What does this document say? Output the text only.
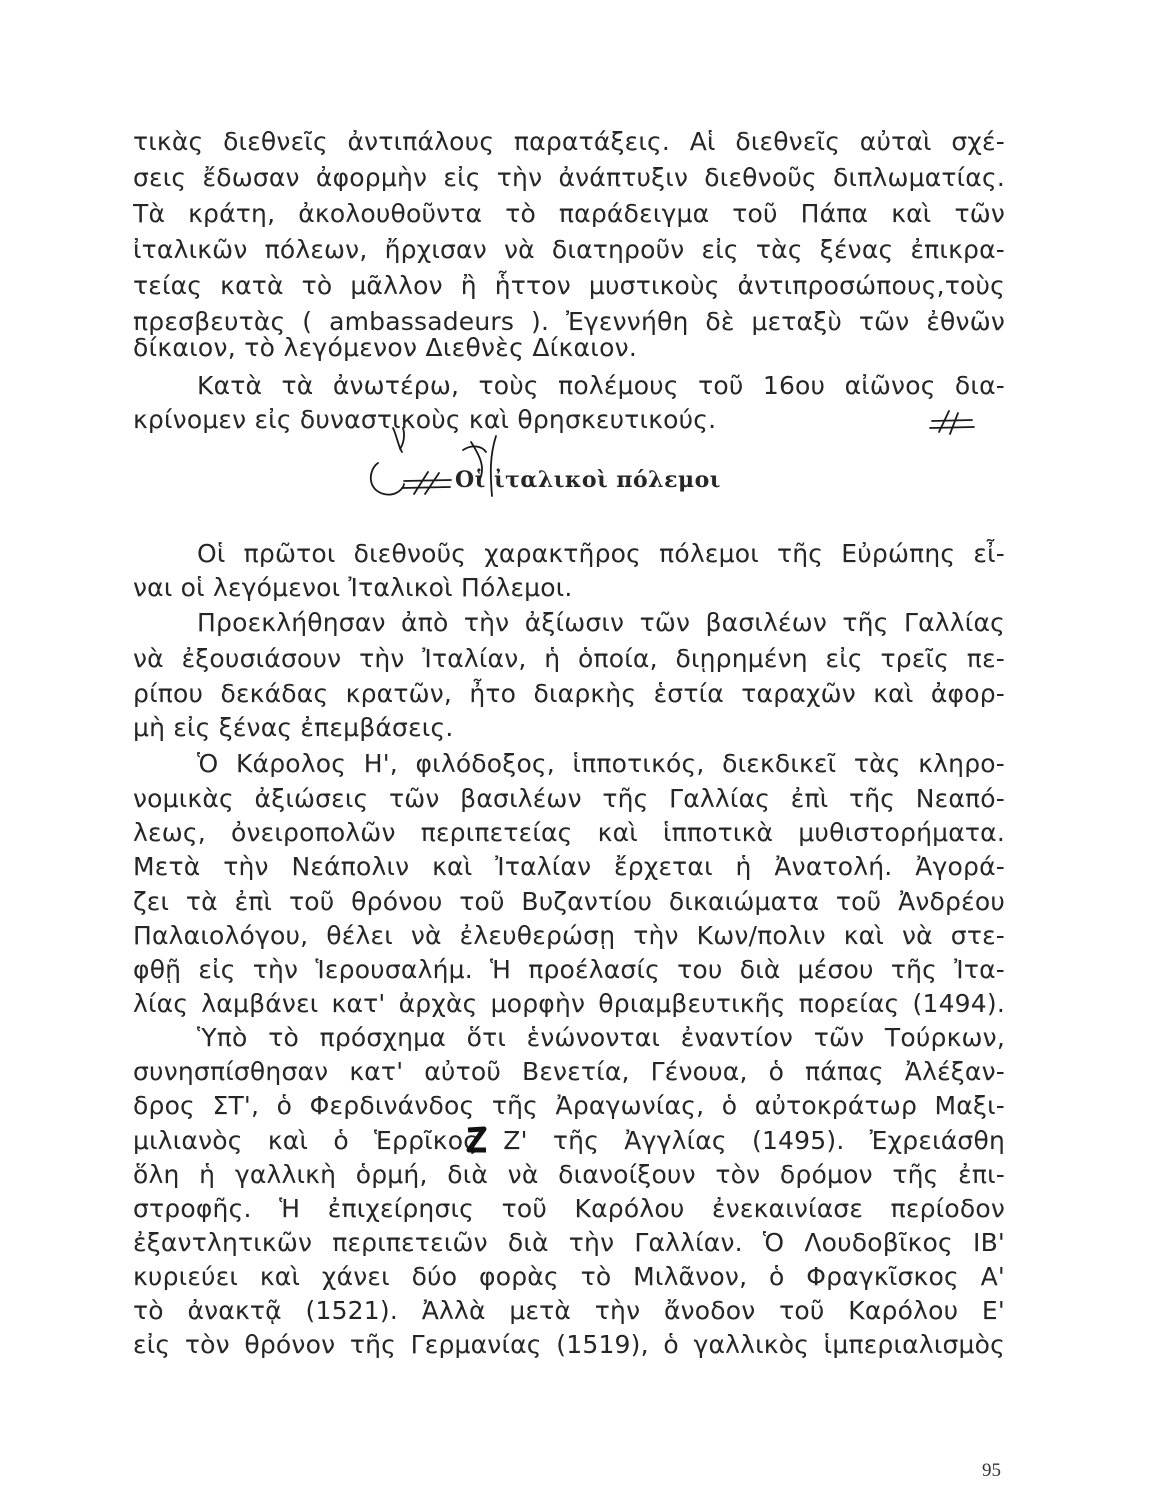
τικὰς διεθνεῖς ἀντιπάλους παρατάξεις. Αἱ διεθνεῖς αὐταὶ σχέ-
σεις ἔδωσαν ἀφορμὴν εἰς τὴν ἀνάπτυξιν διεθνοῦς διπλωματίας.
Τὰ κράτη, ἀκολουθοῦντα τὸ παράδειγμα τοῦ Πάπα καὶ τῶν
ἰταλικῶν πόλεων, ἤρχισαν νὰ διατηροῦν εἰς τὰς ξένας ἐπικρα-
τείας κατὰ τὸ μᾶλλον ἢ ἧττον μυστικοὺς ἀντιπροσώπους,τοὺς
πρεσβευτὰς ( ambassadeurs ). Ἐγεννήθη δὲ μεταξὺ τῶν ἐθνῶν
δίκαιον, τὸ λεγόμενον Διεθνὲς Δίκαιον.
Κατὰ τὰ ἀνωτέρω, τοὺς πολέμους τοῦ 16ου αἰῶνος δια-
κρίνομεν εἰς δυναστικοὺς καὶ θρησκευτικούς.
Οἱ ἰταλικοὶ πόλεμοι
Οἱ πρῶτοι διεθνοῦς χαρακτῆρος πόλεμοι τῆς Εὐρώπης εἶ-
ναι οἱ λεγόμενοι Ἰταλικοὶ Πόλεμοι.
Προεκλήθησαν ἀπὸ τὴν ἀξίωσιν τῶν βασιλέων τῆς Γαλλίας
νὰ ἐξουσιάσουν τὴν Ἰταλίαν, ἡ ὁποία, διῃρημένη εἰς τρεῖς πε-
ρίπου δεκάδας κρατῶν, ἦτο διαρκὴς ἑστία ταραχῶν καὶ ἀφορ-
μὴ εἰς ξένας ἐπεμβάσεις.
Ὁ Κάρολος Η', φιλόδοξος, ἱπποτικός, διεκδικεῖ τὰς κληρο-
νομικὰς ἀξιώσεις τῶν βασιλέων τῆς Γαλλίας ἐπὶ τῆς Νεαπό-
λεως, ὀνειροπολῶν περιπετείας καὶ ἱπποτικὰ μυθιστορήματα.
Μετὰ τὴν Νεάπολιν καὶ Ἰταλίαν ἔρχεται ἡ Ἀνατολή. Ἀγορά-
ζει τὰ ἐπὶ τοῦ θρόνου τοῦ Βυζαντίου δικαιώματα τοῦ Ἀνδρέου
Παλαιολόγου, θέλει νὰ ἐλευθερώσῃ τὴν Κων/πολιν καὶ νὰ στε-
φθῇ εἰς τὴν Ἱερουσαλήμ. Ἡ προέλασίς του διὰ μέσου τῆς Ἰτα-
λίας λαμβάνει κατ' ἀρχὰς μορφὴν θριαμβευτικῆς πορείας (1494).
Ὑπὸ τὸ πρόσχημα ὅτι ἑνώνονται ἐναντίον τῶν Τούρκων,
συνησπίσθησαν κατ' αὐτοῦ Βενετία, Γένουα, ὁ πάπας Ἀλέξαν-
δρος ΣΤ', ὁ Φερδινάνδος τῆς Ἀραγωνίας, ὁ αὐτοκράτωρ Μαξι-
μιλιανὸς καὶ ὁ Ἑρρῖκος Ζ' τῆς Ἀγγλίας (1495). Ἐχρειάσθη
ὅλη ἡ γαλλικὴ ὁρμή, διὰ νὰ διανοίξουν τὸν δρόμον τῆς ἐπι-
στροφῆς. Ἡ ἐπιχείρησις τοῦ Καρόλου ἐνεκαινίασε περίοδον
ἐξαντλητικῶν περιπετειῶν διὰ τὴν Γαλλίαν. Ὁ Λουδοβῖκος ΙΒ'
κυριεύει καὶ χάνει δύο φορὰς τὸ Μιλᾶνον, ὁ Φραγκῖσκος Α'
τὸ ἀνακτᾷ (1521). Ἀλλὰ μετὰ τὴν ἄνοδον τοῦ Καρόλου Ε'
εἰς τὸν θρόνον τῆς Γερμανίας (1519), ὁ γαλλικὸς ἱμπεριαλισμὸς
95
